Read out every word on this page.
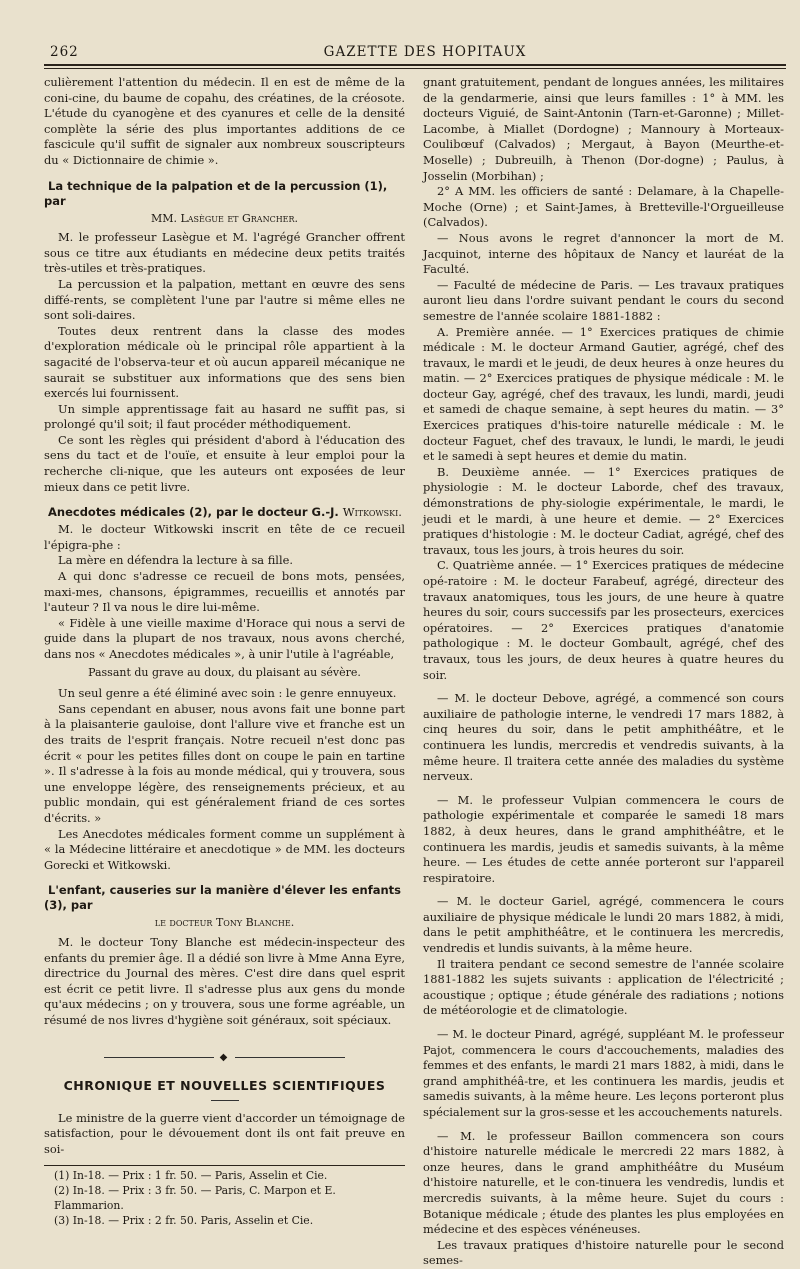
262	GAZETTE DES HOPITAUX

culièrement l'attention du médecin. Il en est de même de la coni-cine, du baume de copahu, des créatines, de la créosote. L'étude du cyanogène et des cyanures et celle de la densité complète la série des plus importantes additions de ce fascicule qu'il suffit de signaler aux nombreux souscripteurs du « Dictionnaire de chimie ».

La technique de la palpation et de la percussion (1), par
MM. Lasègue et Grancher.

M. le professeur Lasègue et M. l'agrégé Grancher offrent sous ce titre aux étudiants en médecine deux petits traités très-utiles et très-pratiques.

La percussion et la palpation, mettant en œuvre des sens diffé-rents, se complètent l'une par l'autre si même elles ne sont soli-daires.

Toutes deux rentrent dans la classe des modes d'exploration médicale où le principal rôle appartient à la sagacité de l'observa-teur et où aucun appareil mécanique ne saurait se substituer aux informations que des sens bien exercés lui fournissent.

Un simple apprentissage fait au hasard ne suffit pas, si prolongé qu'il soit; il faut procéder méthodiquement.

Ce sont les règles qui président d'abord à l'éducation des sens du tact et de l'ouïe, et ensuite à leur emploi pour la recherche cli-nique, que les auteurs ont exposées de leur mieux dans ce petit livre.

Anecdotes médicales (2), par le docteur G.-J. Witkowski.

M. le docteur Witkowski inscrit en tête de ce recueil l'épigra-phe :

La mère en défendra la lecture à sa fille.

A qui donc s'adresse ce recueil de bons mots, pensées, maxi-mes, chansons, épigrammes, recueillis et annotés par l'auteur ? Il va nous le dire lui-même.

« Fidèle à une vieille maxime d'Horace qui nous a servi de guide dans la plupart de nos travaux, nous avons cherché, dans nos « Anecdotes médicales », à unir l'utile à l'agréable,

Passant du grave au doux, du plaisant au sévère.

Un seul genre a été éliminé avec soin : le genre ennuyeux.

Sans cependant en abuser, nous avons fait une bonne part à la plaisanterie gauloise, dont l'allure vive et franche est un des traits de l'esprit français. Notre recueil n'est donc pas écrit « pour les petites filles dont on coupe le pain en tartine ». Il s'adresse à la fois au monde médical, qui y trouvera, sous une enveloppe légère, des renseignements précieux, et au public mondain, qui est généralement friand de ces sortes d'écrits. »

Les Anecdotes médicales forment comme un supplément à « la Médecine littéraire et anecdotique » de MM. les docteurs Gorecki et Witkowski.

L'enfant, causeries sur la manière d'élever les enfants (3), par
le docteur Tony Blanche.

M. le docteur Tony Blanche est médecin-inspecteur des enfants du premier âge. Il a dédié son livre à Mme Anna Eyre, directrice du Journal des mères. C'est dire dans quel esprit est écrit ce petit livre. Il s'adresse plus aux gens du monde qu'aux médecins ; on y trouvera, sous une forme agréable, un résumé de nos livres d'hygiène soit généraux, soit spéciaux.

◆
CHRONIQUE ET NOUVELLES SCIENTIFIQUES

Le ministre de la guerre vient d'accorder un témoignage de satisfaction, pour le dévouement dont ils ont fait preuve en soi-

(1) In-18. — Prix : 1 fr. 50. — Paris, Asselin et Cie.
(2) In-18. — Prix : 3 fr. 50. — Paris, C. Marpon et E. Flammarion.
(3) In-18. — Prix : 2 fr. 50. Paris, Asselin et Cie.

gnant gratuitement, pendant de longues années, les militaires de la gendarmerie, ainsi que leurs familles : 1° à MM. les docteurs Viguié, de Saint-Antonin (Tarn-et-Garonne) ; Millet-Lacombe, à Miallet (Dordogne) ; Mannoury à Morteaux-Coulibœuf (Calvados) ; Mergaut, à Bayon (Meurthe-et-Moselle) ; Dubreuilh, à Thenon (Dor-dogne) ; Paulus, à Josselin (Morbihan) ;

2° A MM. les officiers de santé : Delamare, à la Chapelle-Moche (Orne) ; et Saint-James, à Bretteville-l'Orgueilleuse (Calvados).

— Nous avons le regret d'annoncer la mort de M. Jacquinot, interne des hôpitaux de Nancy et lauréat de la Faculté.

— Faculté de médecine de Paris. — Les travaux pratiques auront lieu dans l'ordre suivant pendant le cours du second semestre de l'année scolaire 1881-1882 :

A. Première année. — 1° Exercices pratiques de chimie médicale : M. le docteur Armand Gautier, agrégé, chef des travaux, le mardi et le jeudi, de deux heures à onze heures du matin. — 2° Exercices pratiques de physique médicale : M. le docteur Gay, agrégé, chef des travaux, les lundi, mardi, jeudi et samedi de chaque semaine, à sept heures du matin. — 3° Exercices pratiques d'his-toire naturelle médicale : M. le docteur Faguet, chef des travaux, le lundi, le mardi, le jeudi et le samedi à sept heures et demie du matin.

B. Deuxième année. — 1° Exercices pratiques de physiologie : M. le docteur Laborde, chef des travaux, démonstrations de phy-siologie expérimentale, le mardi, le jeudi et le mardi, à une heure et demie. — 2° Exercices pratiques d'histologie : M. le docteur Cadiat, agrégé, chef des travaux, tous les jours, à trois heures du soir.

C. Quatrième année. — 1° Exercices pratiques de médecine opé-ratoire : M. le docteur Farabeuf, agrégé, directeur des travaux anatomiques, tous les jours, de une heure à quatre heures du soir, cours successifs par les prosecteurs, exercices opératoires. — 2° Exercices pratiques d'anatomie pathologique : M. le docteur Gombault, agrégé, chef des travaux, tous les jours, de deux heures à quatre heures du soir.

— M. le docteur Debove, agrégé, a commencé son cours auxiliaire de pathologie interne, le vendredi 17 mars 1882, à cinq heures du soir, dans le petit amphithéâtre, et le continuera les lundis, mercredis et vendredis suivants, à la même heure. Il traitera cette année des maladies du système nerveux.

— M. le professeur Vulpian commencera le cours de pathologie expérimentale et comparée le samedi 18 mars 1882, à deux heures, dans le grand amphithéâtre, et le continuera les mardis, jeudis et samedis suivants, à la même heure. — Les études de cette année porteront sur l'appareil respiratoire.

— M. le docteur Gariel, agrégé, commencera le cours auxiliaire de physique médicale le lundi 20 mars 1882, à midi, dans le petit amphithéâtre, et le continuera les mercredis, vendredis et lundis suivants, à la même heure.

Il traitera pendant ce second semestre de l'année scolaire 1881-1882 les sujets suivants : application de l'électricité ; acoustique ; optique ; étude générale des radiations ; notions de météorologie et de climatologie.

— M. le docteur Pinard, agrégé, suppléant M. le professeur Pajot, commencera le cours d'accouchements, maladies des femmes et des enfants, le mardi 21 mars 1882, à midi, dans le grand amphithéâ-tre, et les continuera les mardis, jeudis et samedis suivants, à la même heure. Les leçons porteront plus spécialement sur la gros-sesse et les accouchements naturels.

— M. le professeur Baillon commencera son cours d'histoire naturelle médicale le mercredi 22 mars 1882, à onze heures, dans le grand amphithéâtre du Muséum d'histoire naturelle, et le con-tinuera les vendredis, lundis et mercredis suivants, à la même heure. Sujet du cours : Botanique médicale ; étude des plantes les plus employées en médecine et des espèces vénéneuses.

Les travaux pratiques d'histoire naturelle pour le second semes-
